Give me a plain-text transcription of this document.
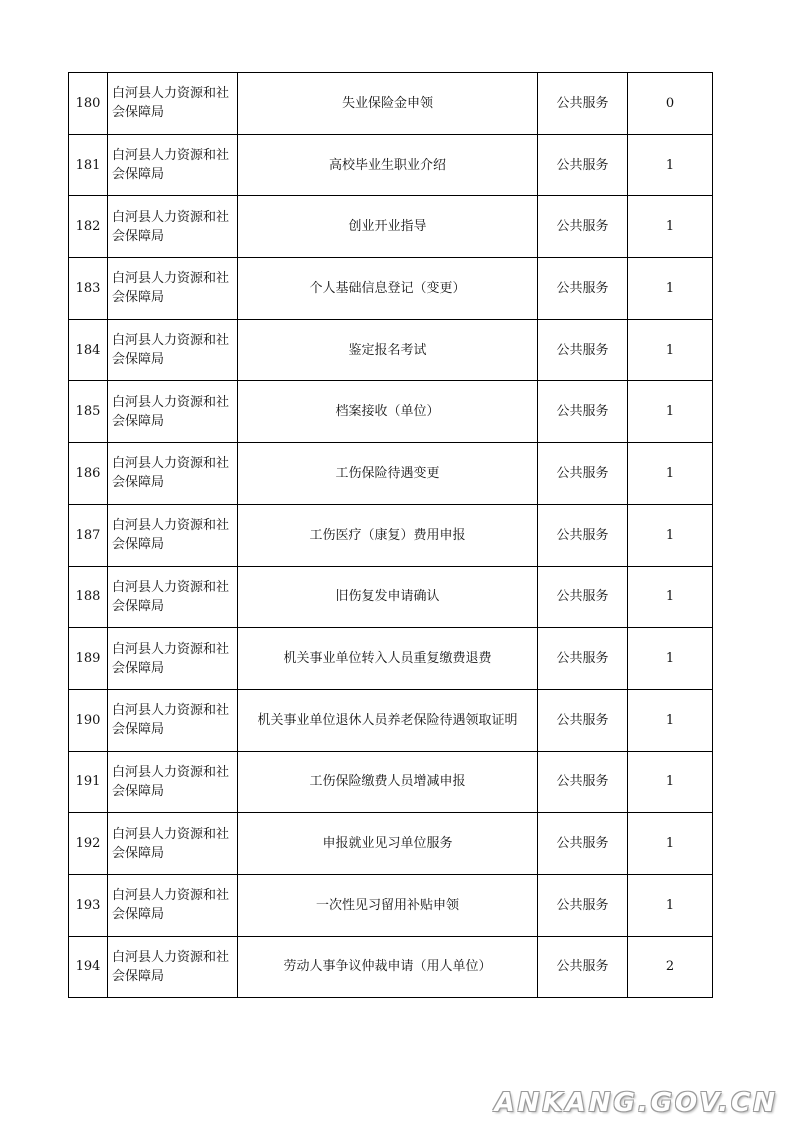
180	白河县人力资源和社会保障局	失业保险金申领	公共服务	0
181	白河县人力资源和社会保障局	高校毕业生职业介绍	公共服务	1
182	白河县人力资源和社会保障局	创业开业指导	公共服务	1
183	白河县人力资源和社会保障局	个人基础信息登记（变更）	公共服务	1
184	白河县人力资源和社会保障局	鉴定报名考试	公共服务	1
185	白河县人力资源和社会保障局	档案接收（单位）	公共服务	1
186	白河县人力资源和社会保障局	工伤保险待遇变更	公共服务	1
187	白河县人力资源和社会保障局	工伤医疗（康复）费用申报	公共服务	1
188	白河县人力资源和社会保障局	旧伤复发申请确认	公共服务	1
189	白河县人力资源和社会保障局	机关事业单位转入人员重复缴费退费	公共服务	1
190	白河县人力资源和社会保障局	机关事业单位退休人员养老保险待遇领取证明	公共服务	1
191	白河县人力资源和社会保障局	工伤保险缴费人员增减申报	公共服务	1
192	白河县人力资源和社会保障局	申报就业见习单位服务	公共服务	1
193	白河县人力资源和社会保障局	一次性见习留用补贴申领	公共服务	1
194	白河县人力资源和社会保障局	劳动人事争议仲裁申请（用人单位）	公共服务	2
ANKANG.GOV.CN
